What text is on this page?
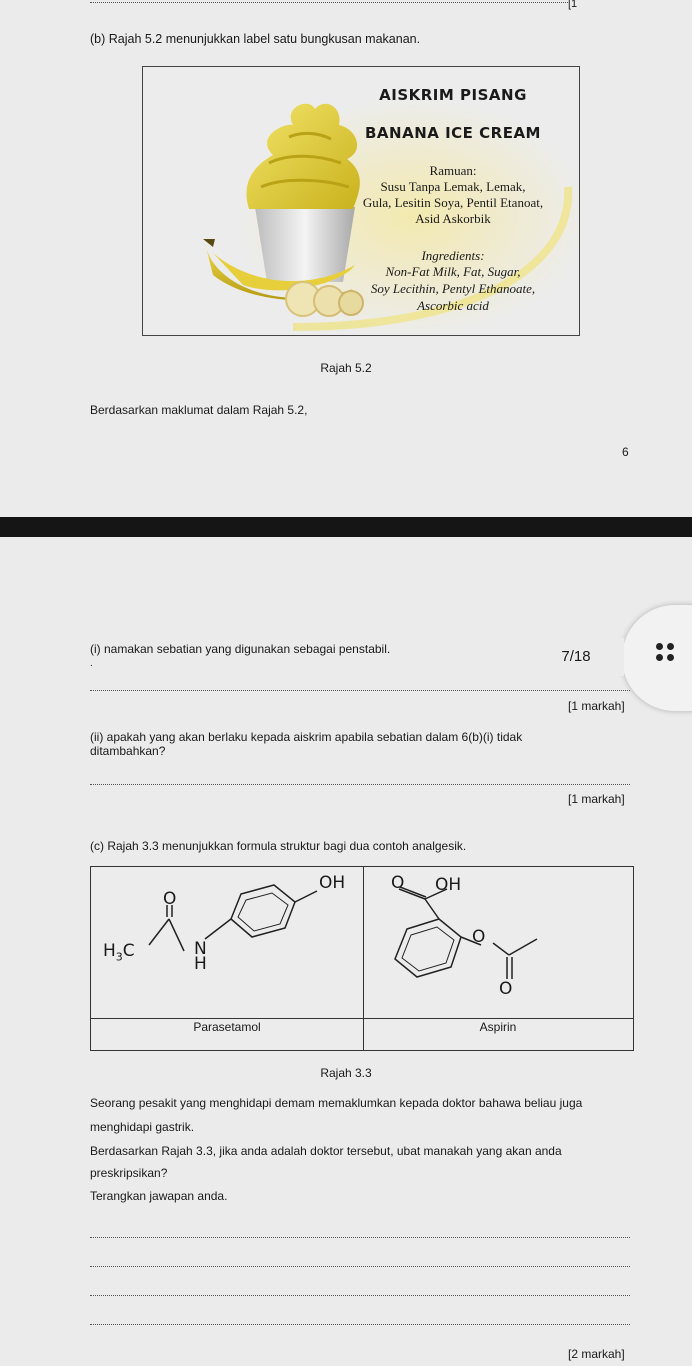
[1
(b) Rajah 5.2 menunjukkan label satu bungkusan makanan.
AISKRIM PISANG
BANANA ICE CREAM
Ramuan:
Susu Tanpa Lemak, Lemak,
Gula, Lesitin Soya, Pentil Etanoat,
Asid Askorbik
Ingredients:
Non-Fat Milk, Fat, Sugar,
Soy Lecithin, Pentyl Ethanoate,
Ascorbic acid
Rajah 5.2
Berdasarkan maklumat dalam Rajah 5.2,
6
(i) namakan sebatian yang digunakan sebagai penstabil.
.
[1 markah]
7/18
(ii) apakah yang akan berlaku kepada aiskrim apabila sebatian dalam 6(b)(i) tidak
ditambahkan?
[1 markah]
(c) Rajah 3.3 menunjukkan formula struktur bagi dua contoh analgesik.
OH
O
$H_3C$	N
H
O OH
O
O
Parasetamol	Aspirin
Rajah 3.3
Seorang pesakit yang menghidapi demam memaklumkan kepada doktor bahawa beliau juga
menghidapi gastrik.
Berdasarkan Rajah 3.3, jika anda adalah doktor tersebut, ubat manakah yang akan anda
preskripsikan?
Terangkan jawapan anda.
[2 markah]
